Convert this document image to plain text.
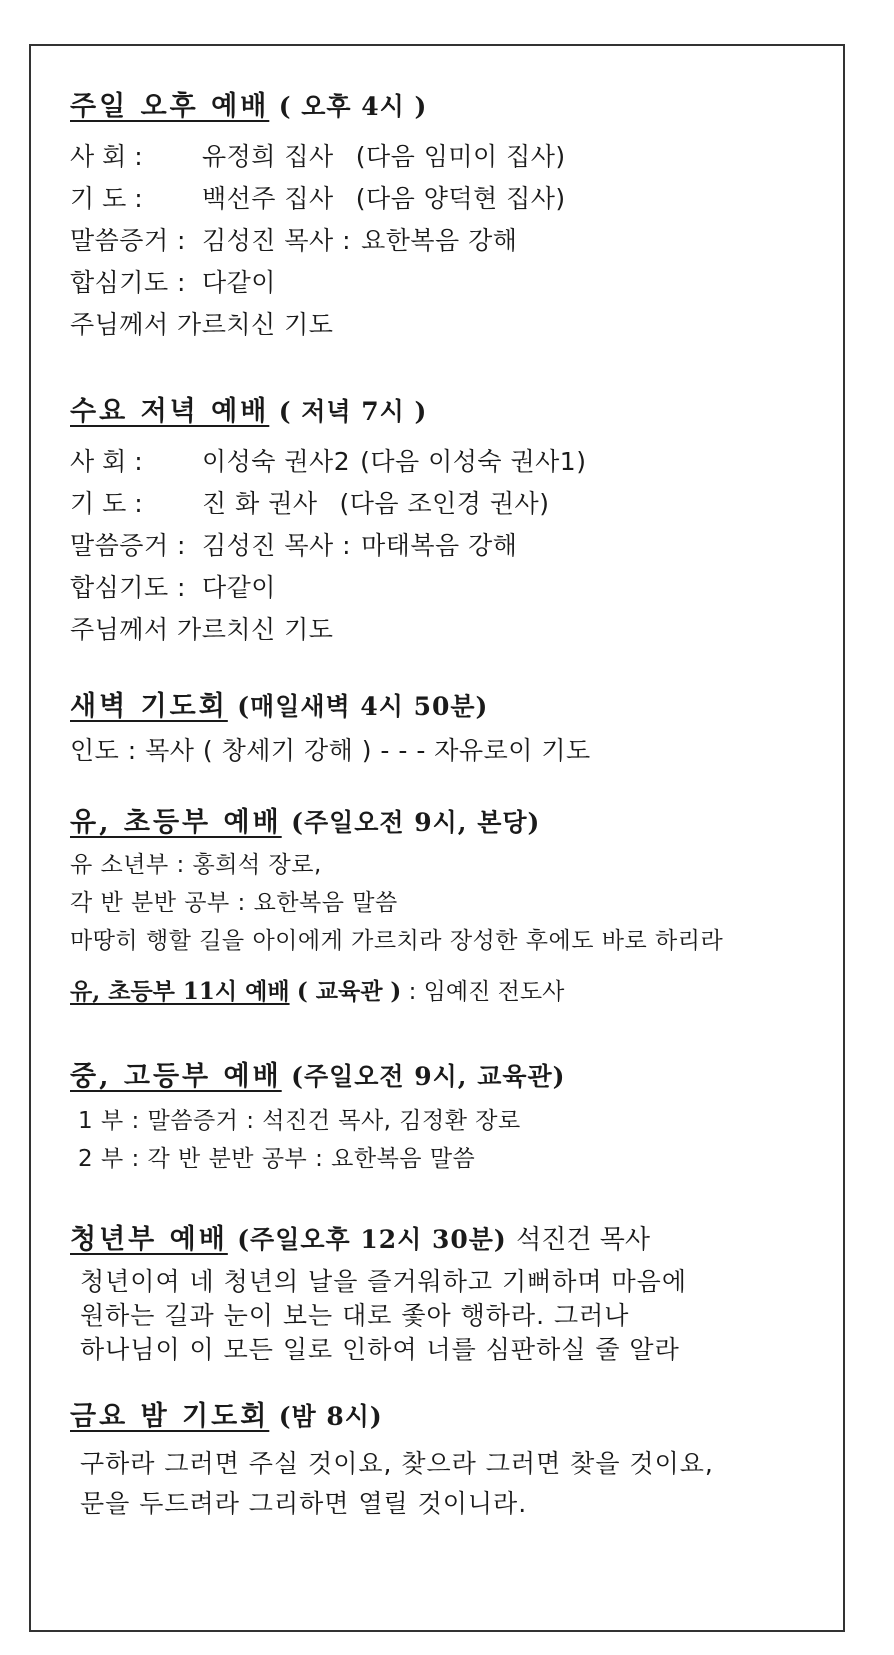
주일 오후 예배 ( 오후 4시 )
사 회 : 유정희 집사 (다음 임미이 집사)
기 도 : 백선주 집사 (다음 양덕현 집사)
말씀증거 : 김성진 목사 : 요한복음 강해
합심기도 : 다같이
주님께서 가르치신 기도
수요 저녁 예배 ( 저녁 7시 )
사 회 : 이성숙 권사2 (다음 이성숙 권사1)
기 도 : 진 화 권사 (다음 조인경 권사)
말씀증거 : 김성진 목사 : 마태복음 강해
합심기도 : 다같이
주님께서 가르치신 기도
새벽 기도회 (매일새벽 4시 50분)
인도 : 목사 ( 창세기 강해 ) - - - 자유로이 기도
유, 초등부 예배 (주일오전 9시, 본당)
유 소년부 : 홍희석 장로,
각 반 분반 공부 : 요한복음 말씀
마땅히 행할 길을 아이에게 가르치라 장성한 후에도 바로 하리라
유, 초등부 11시 예배 ( 교육관 ) : 임예진 전도사
중, 고등부 예배 (주일오전 9시, 교육관)
1 부 : 말씀증거 : 석진건 목사, 김정환 장로
2 부 : 각 반 분반 공부 : 요한복음 말씀
청년부 예배 (주일오후 12시 30분) 석진건 목사
청년이여 네 청년의 날을 즐거워하고 기뻐하며 마음에
원하는 길과 눈이 보는 대로 좇아 행하라. 그러나
하나님이 이 모든 일로 인하여 너를 심판하실 줄 알라
금요 밤 기도회 (밤 8시)
구하라 그러면 주실 것이요, 찾으라 그러면 찾을 것이요,
문을 두드려라 그리하면 열릴 것이니라.
